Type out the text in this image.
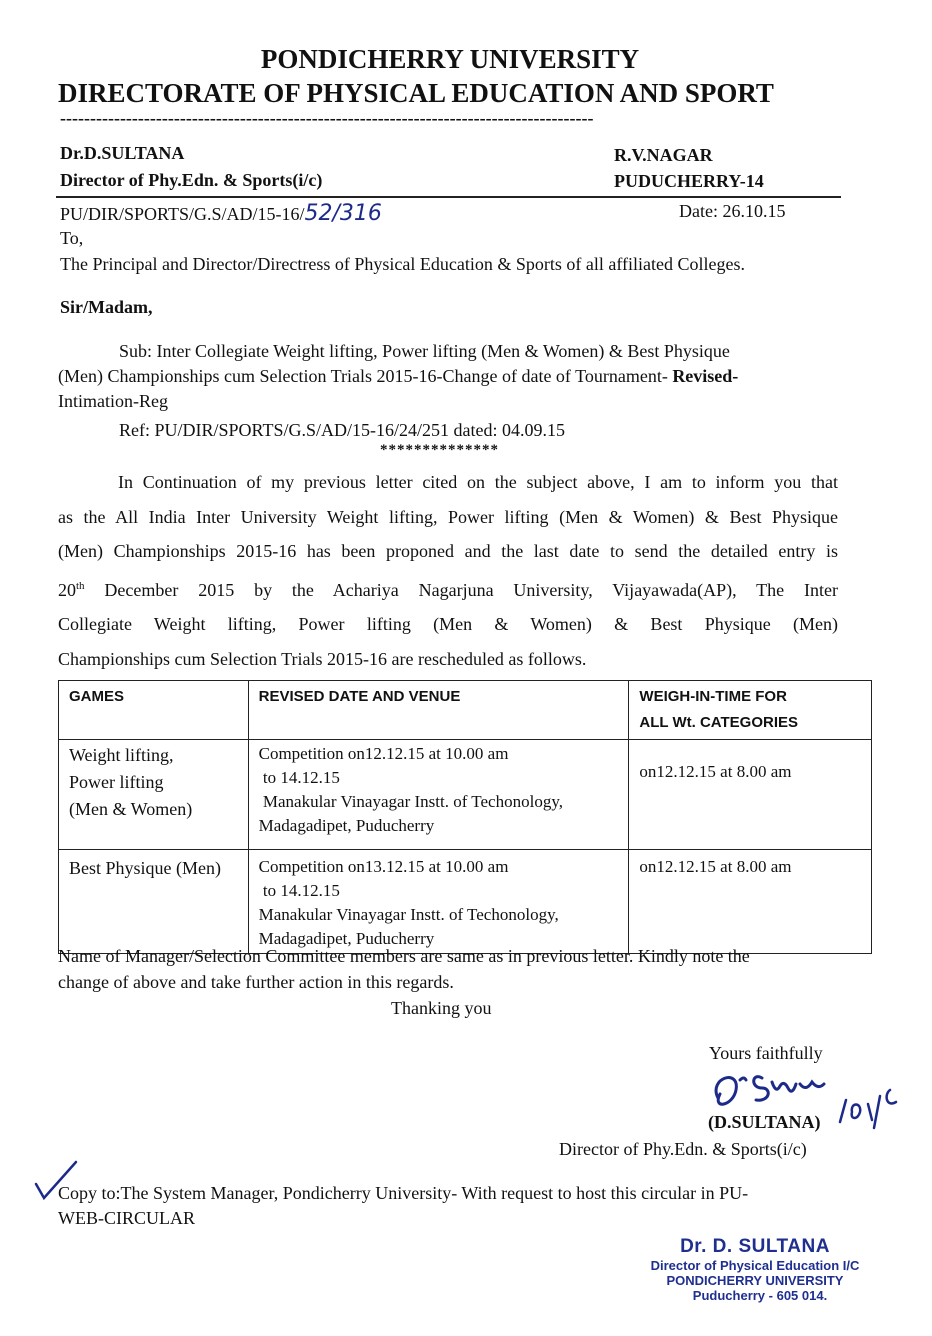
PONDICHERRY UNIVERSITY
DIRECTORATE OF PHYSICAL EDUCATION AND SPORT
-----------------------------------------------------------------------------------------
Dr.D.SULTANA
Director of Phy.Edn. & Sports(i/c)
R.V.NAGAR
PUDUCHERRY-14
PU/DIR/SPORTS/G.S/AD/15-16/52/316	Date: 26.10.15
To,
The Principal and Director/Directress of Physical Education & Sports of all affiliated Colleges.
Sir/Madam,
Sub: Inter Collegiate Weight lifting, Power lifting (Men & Women) & Best Physique
(Men) Championships cum Selection Trials 2015-16-Change of date of Tournament- Revised-
Intimation-Reg
Ref: PU/DIR/SPORTS/G.S/AD/15-16/24/251 dated: 04.09.15
**************
In Continuation of my previous letter cited on the subject above, I am to inform you that
as the All India Inter University Weight lifting, Power lifting (Men & Women) & Best Physique
(Men) Championships 2015-16 has been proponed and the last date to send the detailed entry is
20th December 2015 by the Achariya Nagarjuna University, Vijayawada(AP), The Inter
Collegiate Weight lifting, Power lifting (Men & Women) & Best Physique (Men)
Championships cum Selection Trials 2015-16 are rescheduled as follows.
GAMES	REVISED DATE AND VENUE	WEIGH-IN-TIME FOR
ALL Wt. CATEGORIES
Weight lifting,
Power lifting
(Men & Women)	Competition on12.12.15 at 10.00 am
to 14.12.15
Manakular Vinayagar Instt. of Techonology,
Madagadipet, Puducherry	on12.12.15 at 8.00 am
Best Physique (Men)	Competition on13.12.15 at 10.00 am
to 14.12.15
Manakular Vinayagar Instt. of Techonology,
Madagadipet, Puducherry	on12.12.15 at 8.00 am
Name of Manager/Selection Committee members are same as in previous letter. Kindly note the
change of above and take further action in this regards.
Thanking you
Yours faithfully
(D.SULTANA)
Director of Phy.Edn. & Sports(i/c)
Copy to:The System Manager, Pondicherry University- With request to host this circular in PU-
WEB-CIRCULAR
Dr. D. SULTANA
Director of Physical Education I/C
PONDICHERRY UNIVERSITY
Puducherry - 605 014.
